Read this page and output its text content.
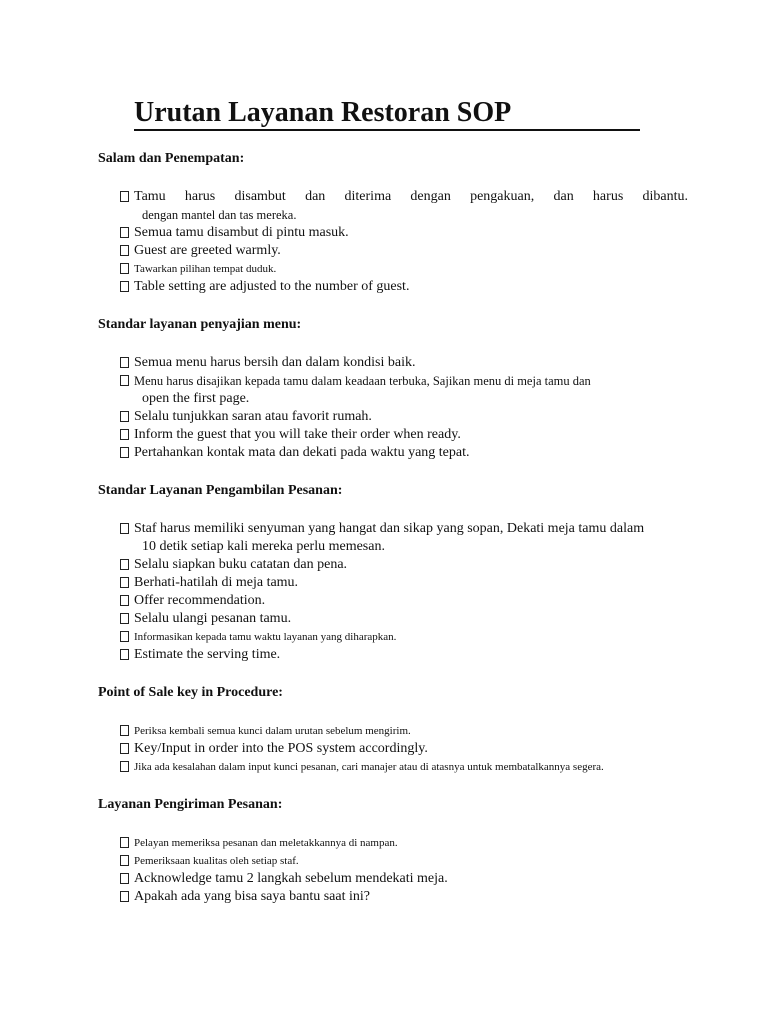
Urutan Layanan Restoran SOP
Salam dan Penempatan:
Tamu harus disambut dan diterima dengan pengakuan, dan harus dibantu.
dengan mantel dan tas mereka.
Semua tamu disambut di pintu masuk.
Guest are greeted warmly.
Tawarkan pilihan tempat duduk.
Table setting are adjusted to the number of guest.
Standar layanan penyajian menu:
Semua menu harus bersih dan dalam kondisi baik.
Menu harus disajikan kepada tamu dalam keadaan terbuka, Sajikan menu di meja tamu dan
open the first page.
Selalu tunjukkan saran atau favorit rumah.
Inform the guest that you will take their order when ready.
Pertahankan kontak mata dan dekati pada waktu yang tepat.
Standar Layanan Pengambilan Pesanan:
Staf harus memiliki senyuman yang hangat dan sikap yang sopan, Dekati meja tamu dalam
10 detik setiap kali mereka perlu memesan.
Selalu siapkan buku catatan dan pena.
Berhati-hatilah di meja tamu.
Offer recommendation.
Selalu ulangi pesanan tamu.
Informasikan kepada tamu waktu layanan yang diharapkan.
Estimate the serving time.
Point of Sale key in Procedure:
Periksa kembali semua kunci dalam urutan sebelum mengirim.
Key/Input in order into the POS system accordingly.
Jika ada kesalahan dalam input kunci pesanan, cari manajer atau di atasnya untuk membatalkannya segera.
Layanan Pengiriman Pesanan:
Pelayan memeriksa pesanan dan meletakkannya di nampan.
Pemeriksaan kualitas oleh setiap staf.
Acknowledge tamu 2 langkah sebelum mendekati meja.
Apakah ada yang bisa saya bantu saat ini?
